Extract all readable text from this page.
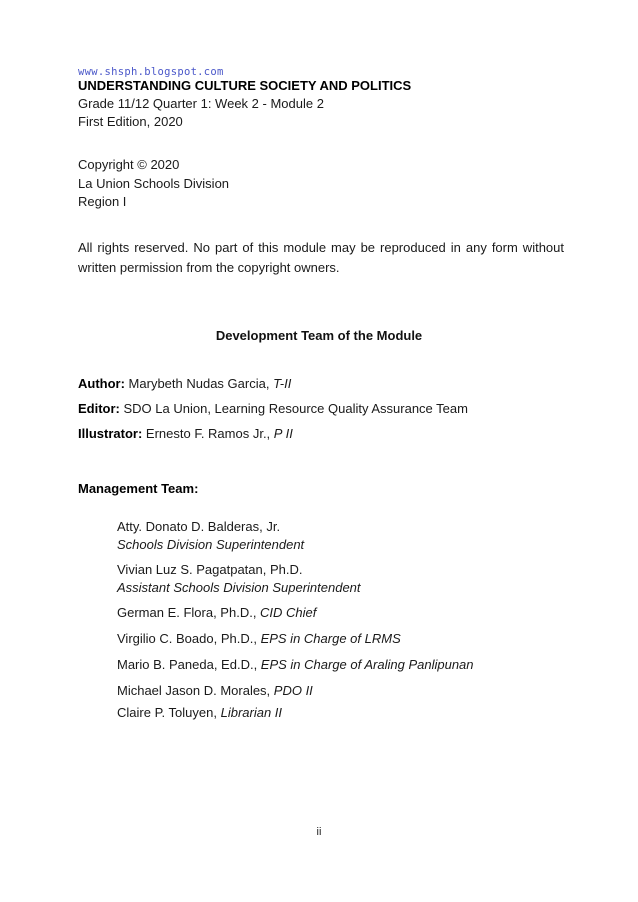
www.shsph.blogspot.com
UNDERSTANDING CULTURE SOCIETY AND POLITICS
Grade 11/12 Quarter 1: Week 2 - Module 2
First Edition, 2020
Copyright © 2020
La Union Schools Division
Region I
All rights reserved. No part of this module may be reproduced in any form without written permission from the copyright owners.
Development Team of the Module
Author: Marybeth Nudas Garcia, T-II
Editor: SDO La Union, Learning Resource Quality Assurance Team
Illustrator: Ernesto F. Ramos Jr., P II
Management Team:
Atty. Donato D. Balderas, Jr.
Schools Division Superintendent
Vivian Luz S. Pagatpatan, Ph.D.
Assistant Schools Division Superintendent
German E. Flora, Ph.D., CID Chief
Virgilio C. Boado, Ph.D., EPS in Charge of LRMS
Mario B. Paneda, Ed.D., EPS in Charge of Araling Panlipunan
Michael Jason D. Morales, PDO II
Claire P. Toluyen, Librarian II
ii
